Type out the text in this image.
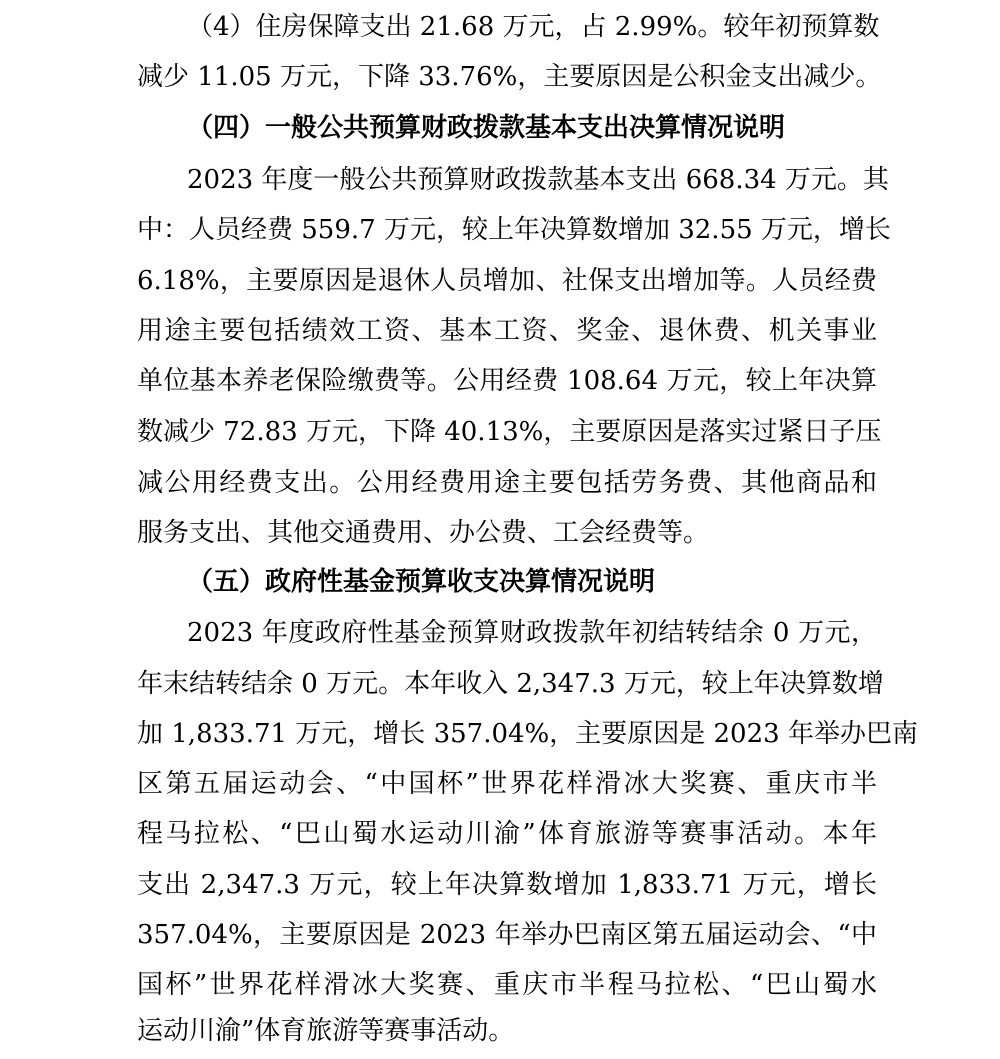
（4）住房保障支出 21.68 万元，占 2.99%。较年初预算数
减少 11.05 万元，下降 33.76%，主要原因是公积金支出减少。
（四）一般公共预算财政拨款基本支出决算情况说明
2023 年度一般公共预算财政拨款基本支出 668.34 万元。其
中：人员经费 559.7 万元，较上年决算数增加 32.55 万元，增长
6.18%，主要原因是退休人员增加、社保支出增加等。人员经费
用途主要包括绩效工资、基本工资、奖金、退休费、机关事业
单位基本养老保险缴费等。公用经费 108.64 万元，较上年决算
数减少 72.83 万元，下降 40.13%，主要原因是落实过紧日子压
减公用经费支出。公用经费用途主要包括劳务费、其他商品和
服务支出、其他交通费用、办公费、工会经费等。
（五）政府性基金预算收支决算情况说明
2023 年度政府性基金预算财政拨款年初结转结余 0 万元，
年末结转结余 0 万元。本年收入 2,347.3 万元，较上年决算数增
加 1,833.71 万元，增长 357.04%，主要原因是 2023 年举办巴南
区第五届运动会、“中国杯”世界花样滑冰大奖赛、重庆市半
程马拉松、“巴山蜀水运动川渝”体育旅游等赛事活动。本年
支出 2,347.3 万元，较上年决算数增加 1,833.71 万元，增长
357.04%，主要原因是 2023 年举办巴南区第五届运动会、“中
国杯”世界花样滑冰大奖赛、重庆市半程马拉松、“巴山蜀水
运动川渝”体育旅游等赛事活动。
